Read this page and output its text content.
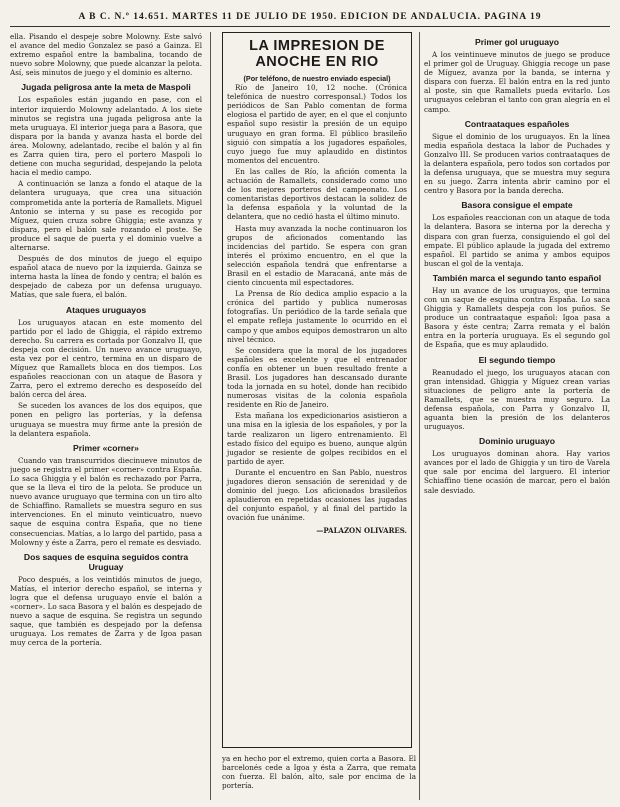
A B C. N.º 14.651. MARTES 11 DE JULIO DE 1950. EDICION DE ANDALUCIA. PAGINA 19

ella. Pisando el despeje sobre Molowny. Este salvó el avance del medio Gonzalez se pasó a Gainza. El extremo español entre la bambalina, tocando de nuevo sobre Molowny, que puede alcanzar la pelota. Así, seis minutos de juego y el dominio es alterno.

Jugada peligrosa ante la meta de Maspoli

Los españoles están jugando en pase, con el interior izquierdo Molowny adelantado. A los siete minutos se registra una jugada peligrosa ante la meta uruguaya. El interior juega para a Basora, que dispara por la banda y avanza hasta el borde del área. Molowny, adelantado, recibe el balón y al fin es Zarra quien tira, pero el portero Maspoli lo detiene con mucha seguridad, despejando la pelota hacia el medio campo.

A continuación se lanza a fondo el ataque de la delantera uruguaya, que crea una situación comprometida ante la portería de Ramallets. Miguel Antonio se interna y su pase es recogido por Míguez, quien cruza sobre Ghiggia; este avanza y dispara, pero el balón sale rozando el poste. Se produce el saque de puerta y el dominio vuelve a alternarse.

Después de dos minutos de juego el equipo español ataca de nuevo por la izquierda. Gainza se interna hasta la línea de fondo y centra; el balón es despejado de cabeza por un defensa uruguayo. Matías, que sale fuera, el balón.

Ataques uruguayos

Los uruguayos atacan en este momento del partido por el lado de Ghiggia, el rápido extremo derecho. Su carrera es cortada por Gonzalvo II, que despeja con decisión. Un nuevo avance uruguayo, esta vez por el centro, termina en un disparo de Míguez que Ramallets bloca en dos tiempos. Los españoles reaccionan con un ataque de Basora y Zarra, pero el extremo derecho es desposeído del balón cerca del área.

Se suceden los avances de los dos equipos, que ponen en peligro las porterías, y la defensa uruguaya se muestra muy firme ante la presión de la delantera española.

Primer «corner»

Cuando van transcurridos diecinueve minutos de juego se registra el primer «corner» contra España. Lo saca Ghiggia y el balón es rechazado por Parra, que se la lleva el tiro de la pelota. Se produce un nuevo avance uruguayo que termina con un tiro alto de Schiaffino. Ramallets se muestra seguro en sus intervenciones. En el minuto veinticuatro, nuevo saque de esquina contra España, que no tiene consecuencias. Matías, a lo largo del partido, pasa a Molowny y éste a Zarra, pero el remate es desviado.

Dos saques de esquina seguidos contra Uruguay

Poco después, a los veintidós minutos de juego, Matías, el interior derecho español, se interna y logra que el defensa uruguayo envíe el balón a «corner». Lo saca Basora y el balón es despejado de nuevo a saque de esquina. Se registra un segundo saque, que también es despejado por la defensa uruguaya. Los remates de Zarra y de Igoa pasan muy cerca de la portería.

LA IMPRESION DE
ANOCHE EN RIO
(Por teléfono, de nuestro enviado especial)

Río de Janeiro 10, 12 noche. (Crónica telefónica de nuestro corresponsal.) Todos los periódicos de San Pablo comentan de forma elogiosa el partido de ayer, en el que el conjunto español supo resistir la presión de un equipo uruguayo en gran forma. El público brasileño siguió con simpatía a los jugadores españoles, cuyo juego fue muy aplaudido en distintos momentos del encuentro.

En las calles de Río, la afición comenta la actuación de Ramallets, considerado como uno de los mejores porteros del campeonato. Los comentaristas deportivos destacan la solidez de la defensa española y la voluntad de la delantera, que no cedió hasta el último minuto.

Hasta muy avanzada la noche continuaron los grupos de aficionados comentando las incidencias del partido. Se espera con gran interés el próximo encuentro, en el que la selección española tendrá que enfrentarse a Brasil en el estadio de Maracaná, ante más de ciento cincuenta mil espectadores.

La Prensa de Río dedica amplio espacio a la crónica del partido y publica numerosas fotografías. Un periódico de la tarde señala que el empate refleja justamente lo ocurrido en el campo y que ambos equipos demostraron un alto nivel técnico.

Se considera que la moral de los jugadores españoles es excelente y que el entrenador confía en obtener un buen resultado frente a Brasil. Los jugadores han descansado durante toda la jornada en su hotel, donde han recibido numerosas visitas de la colonia española residente en Río de Janeiro.

Esta mañana los expedicionarios asistieron a una misa en la iglesia de los españoles, y por la tarde realizaron un ligero entrenamiento. El estado físico del equipo es bueno, aunque algún jugador se resiente de golpes recibidos en el partido de ayer.

Durante el encuentro en San Pablo, nuestros jugadores dieron sensación de serenidad y de dominio del juego. Los aficionados brasileños aplaudieron en repetidas ocasiones las jugadas del conjunto español, y al final del partido la ovación fue unánime.

—PALAZON OLIVARES.

ya en hecho por el extremo, quien corta a Basora. El barcelonés cede a Igoa y ésta a Zarra, que remata con fuerza. El balón, alto, sale por encima de la portería.

Primer gol uruguayo

A los veintinueve minutos de juego se produce el primer gol de Uruguay. Ghiggia recoge un pase de Míguez, avanza por la banda, se interna y dispara con fuerza. El balón entra en la red junto al poste, sin que Ramallets pueda evitarlo. Los uruguayos celebran el tanto con gran alegría en el campo.

Contraataques españoles

Sigue el dominio de los uruguayos. En la línea media española destaca la labor de Puchades y Gonzalvo III. Se producen varios contraataques de la delantera española, pero todos son cortados por la defensa uruguaya, que se muestra muy segura en su juego. Zarra intenta abrir camino por el centro y Basora por la banda derecha.

Basora consigue el empate

Los españoles reaccionan con un ataque de toda la delantera. Basora se interna por la derecha y dispara con gran fuerza, consiguiendo el gol del empate. El público aplaude la jugada del extremo español. El partido se anima y ambos equipos buscan el gol de la ventaja.

También marca el segundo tanto español

Hay un avance de los uruguayos, que termina con un saque de esquina contra España. Lo saca Ghiggia y Ramallets despeja con los puños. Se produce un contraataque español: Igoa pasa a Basora y éste centra; Zarra remata y el balón entra en la portería uruguaya. Es el segundo gol de España, que es muy aplaudido.

El segundo tiempo

Reanudado el juego, los uruguayos atacan con gran intensidad. Ghiggia y Míguez crean varias situaciones de peligro ante la portería de Ramallets, que se muestra muy seguro. La defensa española, con Parra y Gonzalvo II, aguanta bien la presión de los delanteros uruguayos.

Dominio uruguayo

Los uruguayos dominan ahora. Hay varios avances por el lado de Ghiggia y un tiro de Varela que sale por encima del larguero. El interior Schiaffino tiene ocasión de marcar, pero el balón sale desviado.
